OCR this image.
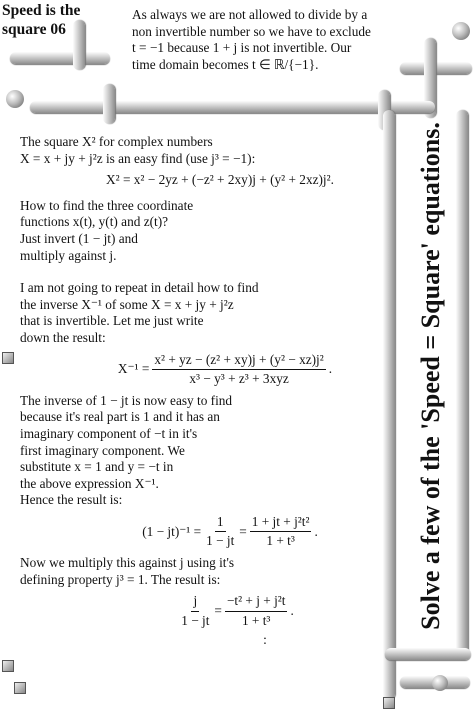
Speed is the
square 06
As always we are not allowed to divide by a
non invertible number so we have to exclude
t = −1 because 1 + j is not invertible. Our
time domain becomes t ∈ ℝ/{−1}.
Solve a few of the 'Speed = Square' equations.

The square X² for complex numbers

X = x + jy + j²z is an easy find (use j³ = −1):

X² = x² − 2yz + (−z² + 2xy)j + (y² + 2xz)j².

How to find the three coordinate

functions x(t), y(t) and z(t)?

Just invert (1 − jt) and

multiply against j.

I am not going to repeat in detail how to find

the inverse X⁻¹ of some X = x + jy + j²z

that is invertible. Let me just write

down the result:

$X^{-1} = \frac{\text{x² + yz − (z² + xy)j + (y² − xz)j²}}{\text{x³ − y³ + z³ + 3xyz}}$ .

The inverse of 1 − jt is now easy to find

because it's real part is 1 and it has an

imaginary component of −t in it's

first imaginary component. We

substitute x = 1 and y = −t in

the above expression X⁻¹.

Hence the result is:

$(1 - jt)^{-1} = \frac{1}{1 - jt} = \frac{\text{1 + jt + j²t²}}{\text{1 + t³}}$ .

Now we multiply this against j using it's

defining property j³ = 1. The result is:

$\frac{j}{1 - jt} = \frac{\text{−t² + j + j²t}}{\text{1 + t³}}$ .
:
